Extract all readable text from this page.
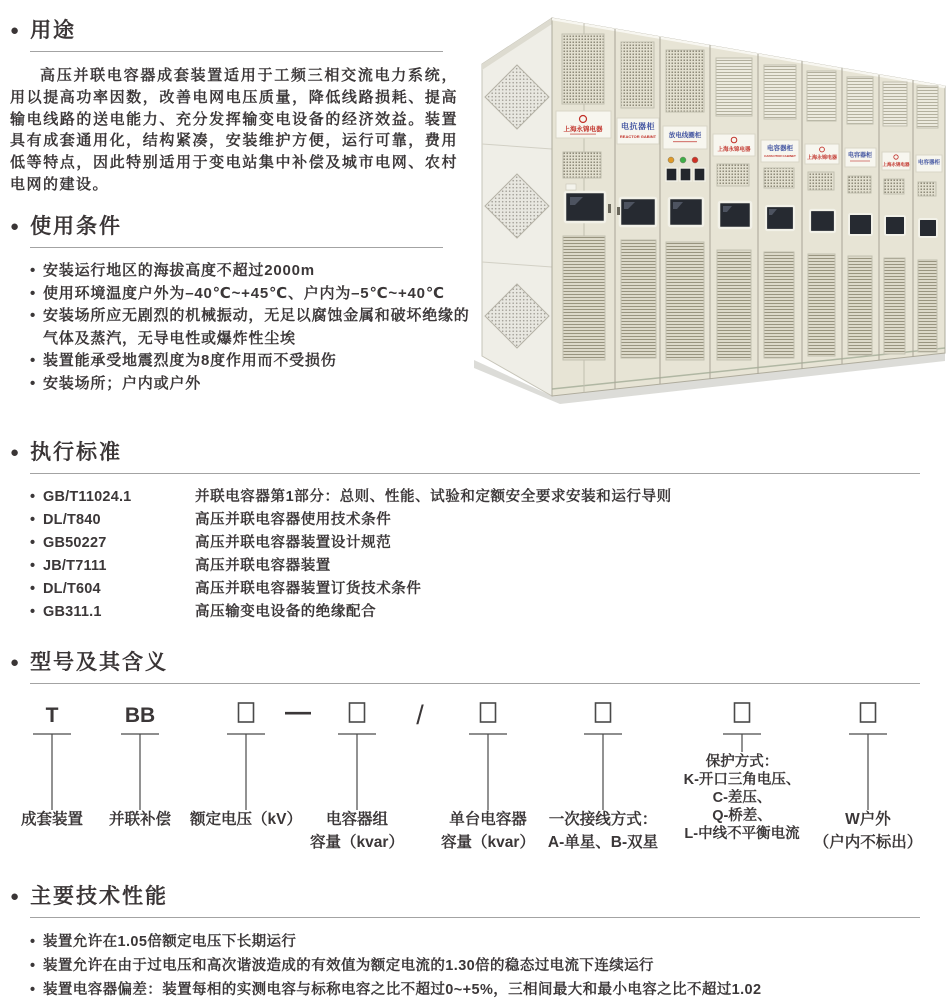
● 用途

高压并联电容器成套装置适用于工频三相交流电力系统，用以提高功率因数，改善电网电压质量，降低线路损耗、提高输电线路的送电能力、充分发挥输变电设备的经济效益。装置具有成套通用化，结构紧凑，安装维护方便，运行可靠，费用低等特点，因此特别适用于变电站集中补偿及城市电网、农村电网的建设。

上海永锦电器 电抗器柜
REACTOR GABINT 放电线圈柜
上海永锦电器	电容器柜
CAPACITOR CABINET 上海永锦电器 电容器柜
上海永锦电器 电容器柜
● 使用条件
• 安装运行地区的海拔高度不超过2000m
• 使用环境温度户外为–40℃~+45℃、户内为–5℃~+40℃
• 安装场所应无剧烈的机械振动，无足以腐蚀金属和破坏绝缘的气体及蒸汽，无导电性或爆炸性尘埃
• 装置能承受地震烈度为8度作用而不受损伤
• 安装场所；户内或户外
● 执行标准
• GB/T11024.1	并联电容器第1部分：总则、性能、试验和定额安全要求安装和运行导则
• DL/T840	高压并联电容器使用技术条件
• GB50227	高压并联电容器装置设计规范
• JB/T7111	高压并联电容器装置
• DL/T604	高压并联电容器装置订货技术条件
• GB311.1	高压输变电设备的绝缘配合
● 型号及其含义
T	BB	—	/
成套装置 并联补偿 额定电压（kV） 电容器组
容量（kvar）
单台电容器
容量（kvar）
一次接线方式：
A-单星、B-双星
W户外
（户内不标出）
保护方式：
K-开口三角电压、
C-差压、
Q-桥差、
L-中线不平衡电流
● 主要技术性能
• 装置允许在1.05倍额定电压下长期运行
• 装置允许在由于过电压和高次谐波造成的有效值为额定电流的1.30倍的稳态过电流下连续运行
• 装置电容器偏差：装置每相的实测电容与标称电容之比不超过0~+5%，三相间最大和最小电容之比不超过1.02
